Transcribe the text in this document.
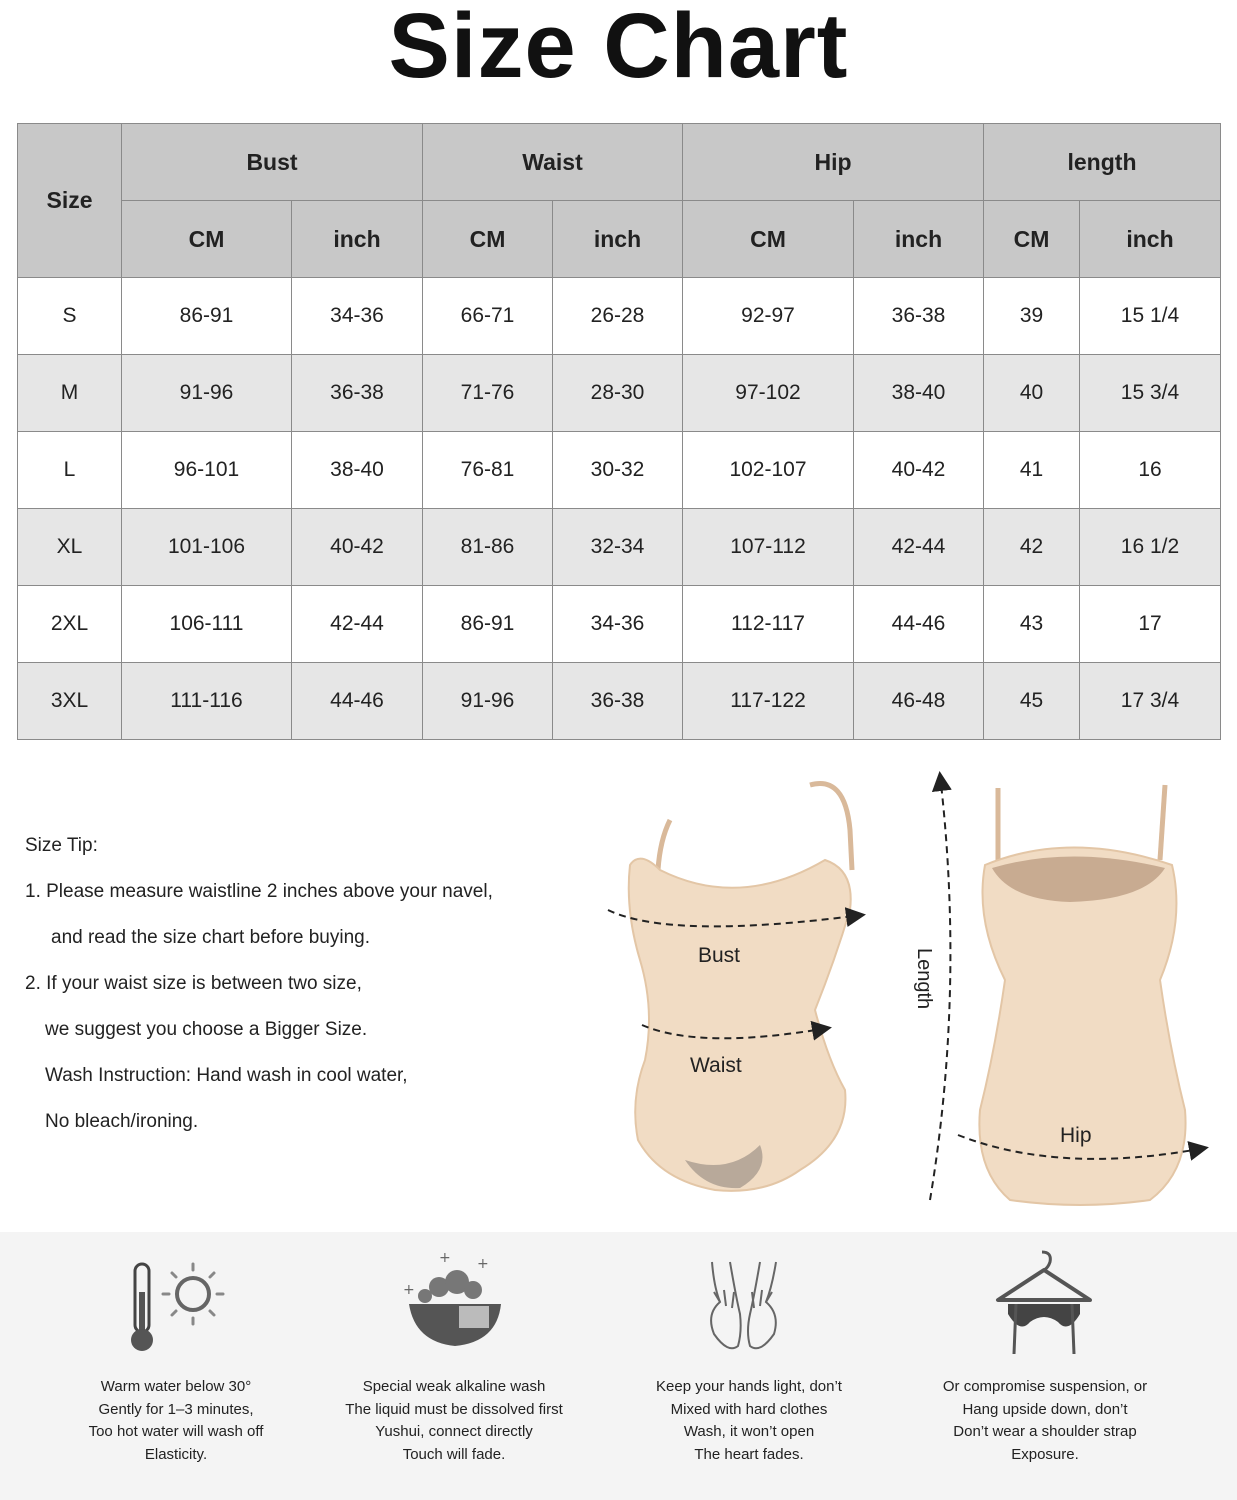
Size Chart
Size	Bust		Waist		Hip		length	
	CM	inch	CM	inch	CM	inch	CM	inch
S	86-91	34-36	66-71	26-28	92-97	36-38	39	15 1/4
M	91-96	36-38	71-76	28-30	97-102	38-40	40	15 3/4
L	96-101	38-40	76-81	30-32	102-107	40-42	41	16
XL	101-106	40-42	81-86	32-34	107-112	42-44	42	16 1/2
2XL	106-111	42-44	86-91	34-36	112-117	44-46	43	17
3XL	111-116	44-46	91-96	36-38	117-122	46-48	45	17 3/4
Size Tip:
1. Please measure waistline 2 inches above your navel,
and read the size chart before buying.
2. If your waist size is between two size,
we suggest you choose a Bigger Size.
Wash Instruction: Hand wash in cool water,
No bleach/ironing.
Bust
Waist
Length
Hip
Warm water below 30°
Gently for 1–3 minutes,
Too hot water will wash off
Elasticity.
+ +
+
Special weak alkaline wash
The liquid must be dissolved first
Yushui, connect directly
Touch will fade.
Keep your hands light, don’t
Mixed with hard clothes
Wash, it won’t open
The heart fades.
Or compromise suspension, or
Hang upside down, don’t
Don’t wear a shoulder strap
Exposure.
